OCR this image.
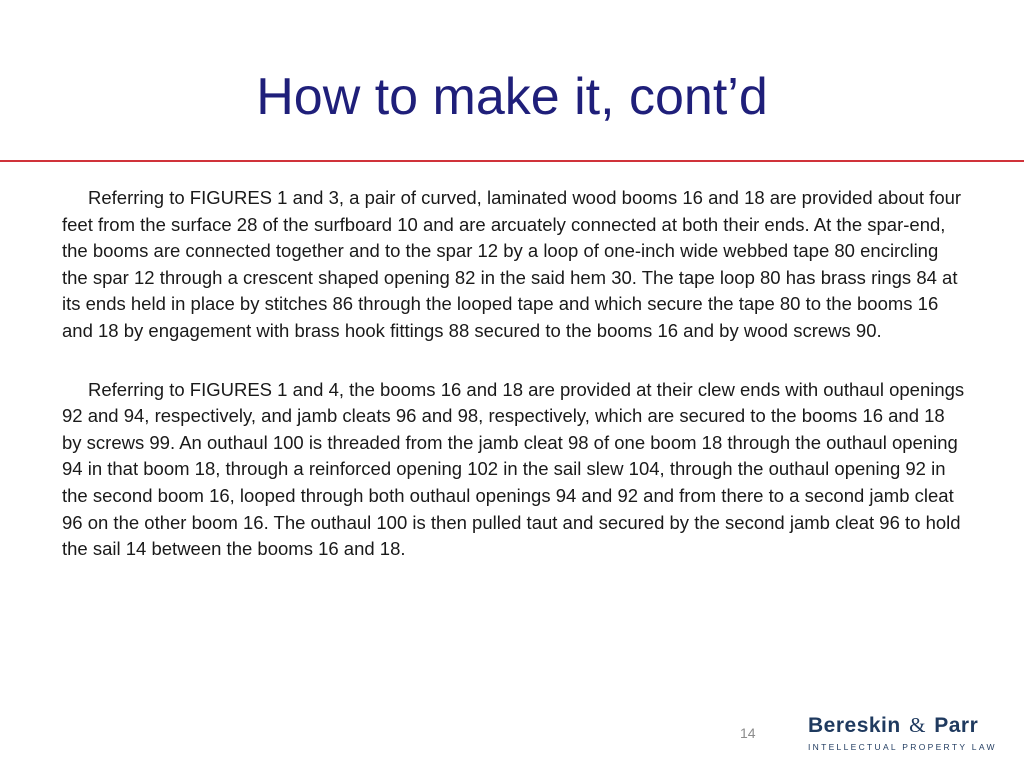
How to make it, cont’d

Referring to FIGURES 1 and 3, a pair of curved, laminated wood booms 16 and 18 are provided about four feet from the surface 28 of the surfboard 10 and are arcuately connected at both their ends. At the spar-end, the booms are connected together and to the spar 12 by a loop of one-inch wide webbed tape 80 encircling the spar 12 through a crescent shaped opening 82 in the said hem 30. The tape loop 80 has brass rings 84 at its ends held in place by stitches 86 through the looped tape and which secure the tape 80 to the booms 16 and 18 by engagement with brass hook fittings 88 secured to the booms 16 and by wood screws 90.

Referring to FIGURES 1 and 4, the booms 16 and 18 are provided at their clew ends with outhaul openings 92 and 94, respectively, and jamb cleats 96 and 98, respectively, which are secured to the booms 16 and 18 by screws 99. An outhaul 100 is threaded from the jamb cleat 98 of one boom 18 through the outhaul opening 94 in that boom 18, through a reinforced opening 102 in the sail slew 104, through the outhaul opening 92 in the second boom 16, looped through both outhaul openings 94 and 92 and from there to a second jamb cleat 96 on the other boom 16. The outhaul 100 is then pulled taut and secured by the second jamb cleat 96 to hold the sail 14 between the booms 16 and 18.

14 Bereskin & Parr
INTELLECTUAL PROPERTY LAW
